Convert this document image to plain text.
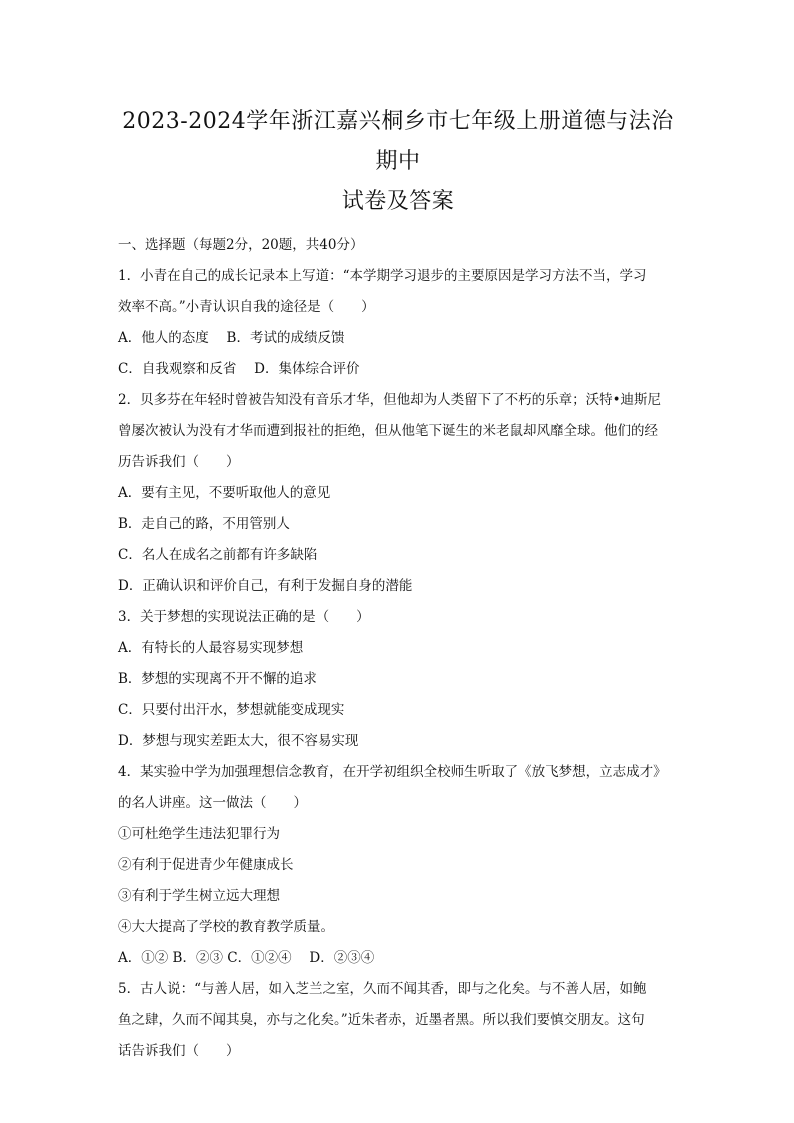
2023-2024学年浙江嘉兴桐乡市七年级上册道德与法治期中
试卷及答案

一、选择题（每题2分，20题，共40分）

1．小青在自己的成长记录本上写道：“本学期学习退步的主要原因是学习方法不当，学习

效率不高。”小青认识自我的途径是（　　）

A．他人的态度　 B．考试的成绩反馈

C．自我观察和反省　 D．集体综合评价

2．贝多芬在年轻时曾被告知没有音乐才华，但他却为人类留下了不朽的乐章；沃特•迪斯尼

曾屡次被认为没有才华而遭到报社的拒绝，但从他笔下诞生的米老鼠却风靡全球。他们的经

历告诉我们（　　）

A．要有主见，不要听取他人的意见

B．走自己的路，不用管别人

C．名人在成名之前都有许多缺陷

D．正确认识和评价自己，有利于发掘自身的潜能

3．关于梦想的实现说法正确的是（　　）

A．有特长的人最容易实现梦想

B．梦想的实现离不开不懈的追求

C．只要付出汗水，梦想就能变成现实

D．梦想与现实差距太大，很不容易实现

4．某实验中学为加强理想信念教育，在开学初组织全校师生听取了《放飞梦想，立志成才》

的名人讲座。这一做法（　　）

①可杜绝学生违法犯罪行为

②有利于促进青少年健康成长

③有利于学生树立远大理想

④大大提高了学校的教育教学质量。

A．①② B．②③ C．①②④　 D．②③④

5．古人说：“与善人居，如入芝兰之室，久而不闻其香，即与之化矣。与不善人居，如鲍

鱼之肆，久而不闻其臭，亦与之化矣。”近朱者赤，近墨者黑。所以我们要慎交朋友。这句

话告诉我们（　　）
